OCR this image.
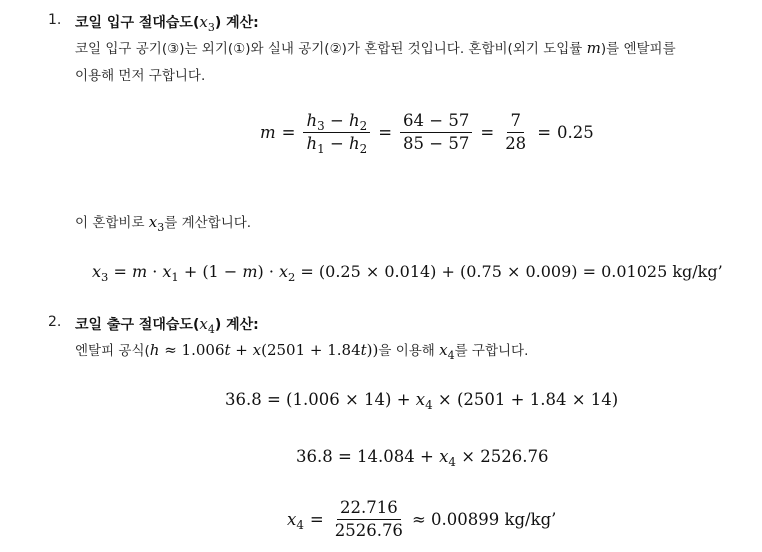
1. 코일 입구 절대습도$(x_3)$ 계산:
코일 입구 공기(③)는 외기(①)와 실내 공기(②)가 혼합된 것입니다. 혼합비(외기 도입률 m)를 엔탈피를
이용해 먼저 구합니다.
$m = \frac{h_3 - h_2}{h_1 - h_2} = \frac{64 - 57}{85 - 57} = \frac{7}{28} = 0.25$
이 혼합비로 $x_3$를 계산합니다.
$x_3 = m \cdot x_1 + (1 - m) \cdot x_2 = (0.25 \times 0.014) + (0.75 \times 0.009) = 0.01025$ kg/kg’
2. 코일 출구 절대습도$(x_4)$ 계산:
엔탈피 공식(h ≈ 1.006t + x(2501 + 1.84t))을 이용해 $x_4$를 구합니다.
$36.8 = (1.006 \times 14) + x_4 \times (2501 + 1.84 \times 14)$
$36.8 = 14.084 + x_4 \times 2526.76$
$x_4 = \frac{22.716}{2526.76} \approx 0.00899$ kg/kg’
